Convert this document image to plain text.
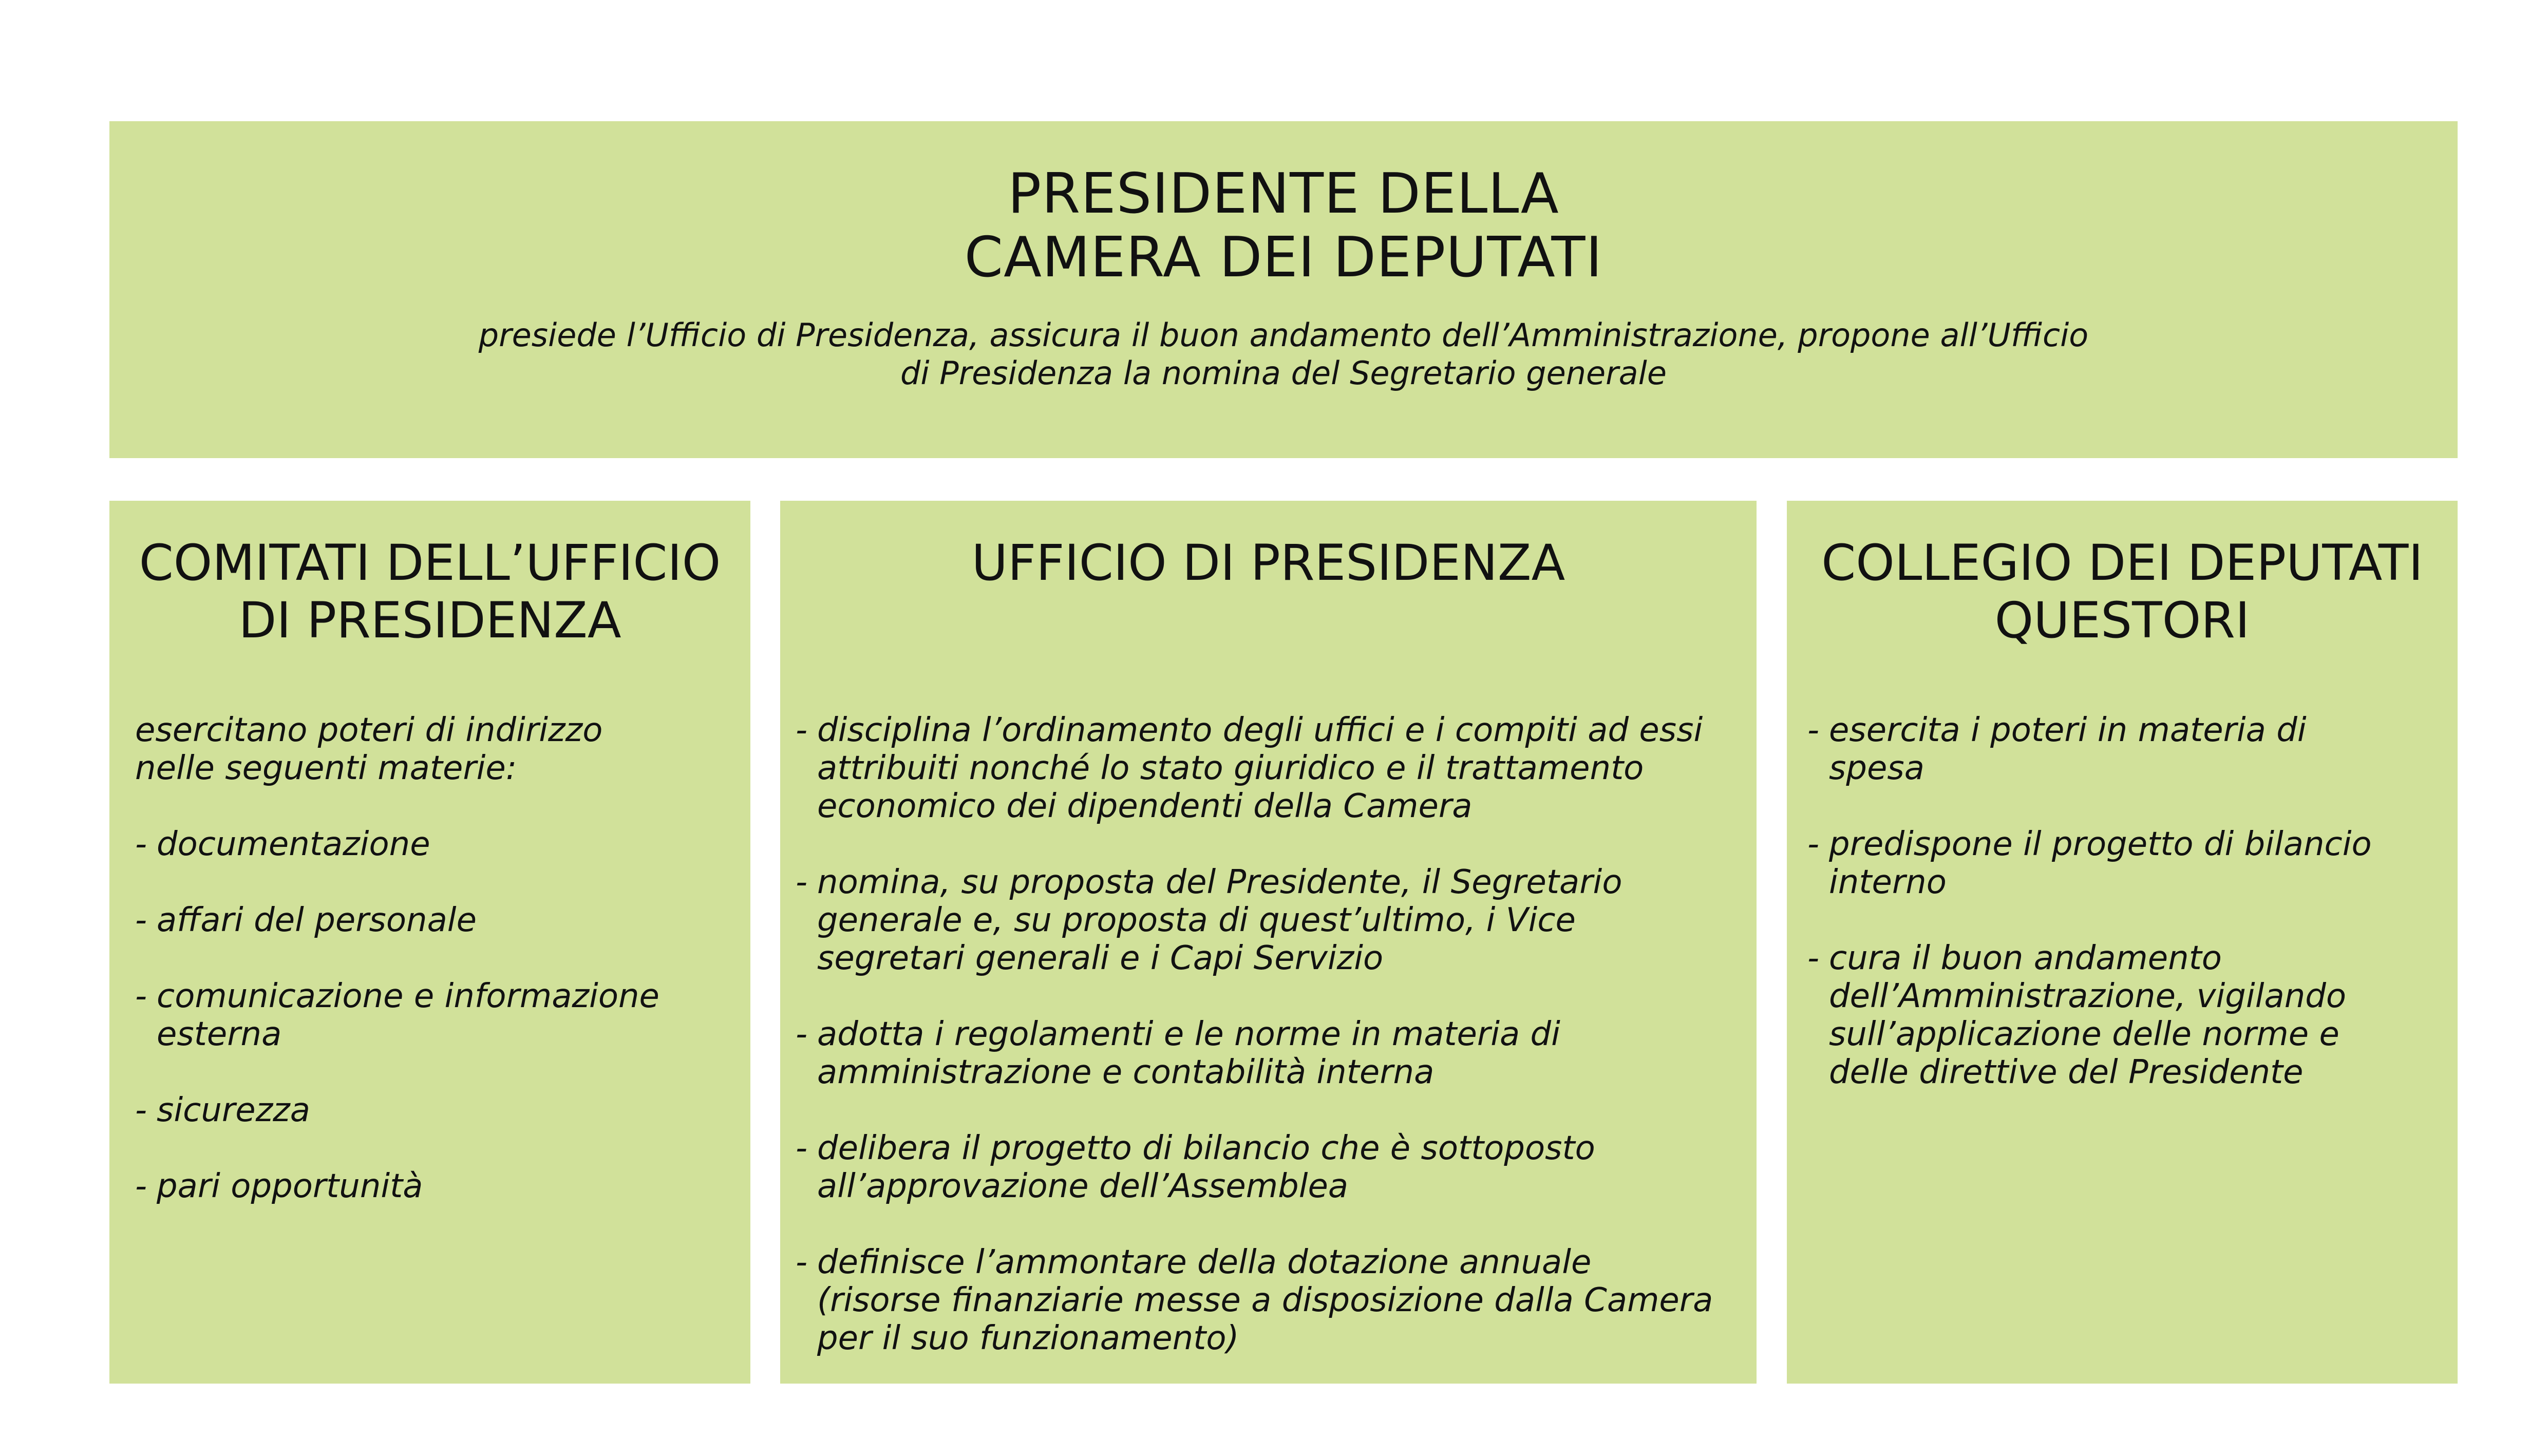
PRESIDENTE DELLA
CAMERA DEI DEPUTATI

presiede l’Ufficio di Presidenza, assicura il buon andamento dell’Amministrazione, propone all’Ufficio
di Presidenza la nomina del Segretario generale

COMITATI DELL’UFFICIO
DI PRESIDENZA

esercitano poteri di indirizzo
nelle seguenti materie:

- documentazione
- affari del personale
- comunicazione e informazione
esterna
- sicurezza
- pari opportunità
UFFICIO DI PRESIDENZA
- disciplina l’ordinamento degli uffici e i compiti ad essi
attribuiti nonché lo stato giuridico e il trattamento
economico dei dipendenti della Camera
- nomina, su proposta del Presidente, il Segretario
generale e, su proposta di quest’ultimo, i Vice
segretari generali e i Capi Servizio
- adotta i regolamenti e le norme in materia di
amministrazione e contabilità interna
- delibera il progetto di bilancio che è sottoposto
all’approvazione dell’Assemblea
- definisce l’ammontare della dotazione annuale
(risorse finanziarie messe a disposizione dalla Camera
per il suo funzionamento)
COLLEGIO DEI DEPUTATI
QUESTORI
- esercita i poteri in materia di
spesa
- predispone il progetto di bilancio
interno
- cura il buon andamento
dell’Amministrazione, vigilando
sull’applicazione delle norme e
delle direttive del Presidente
